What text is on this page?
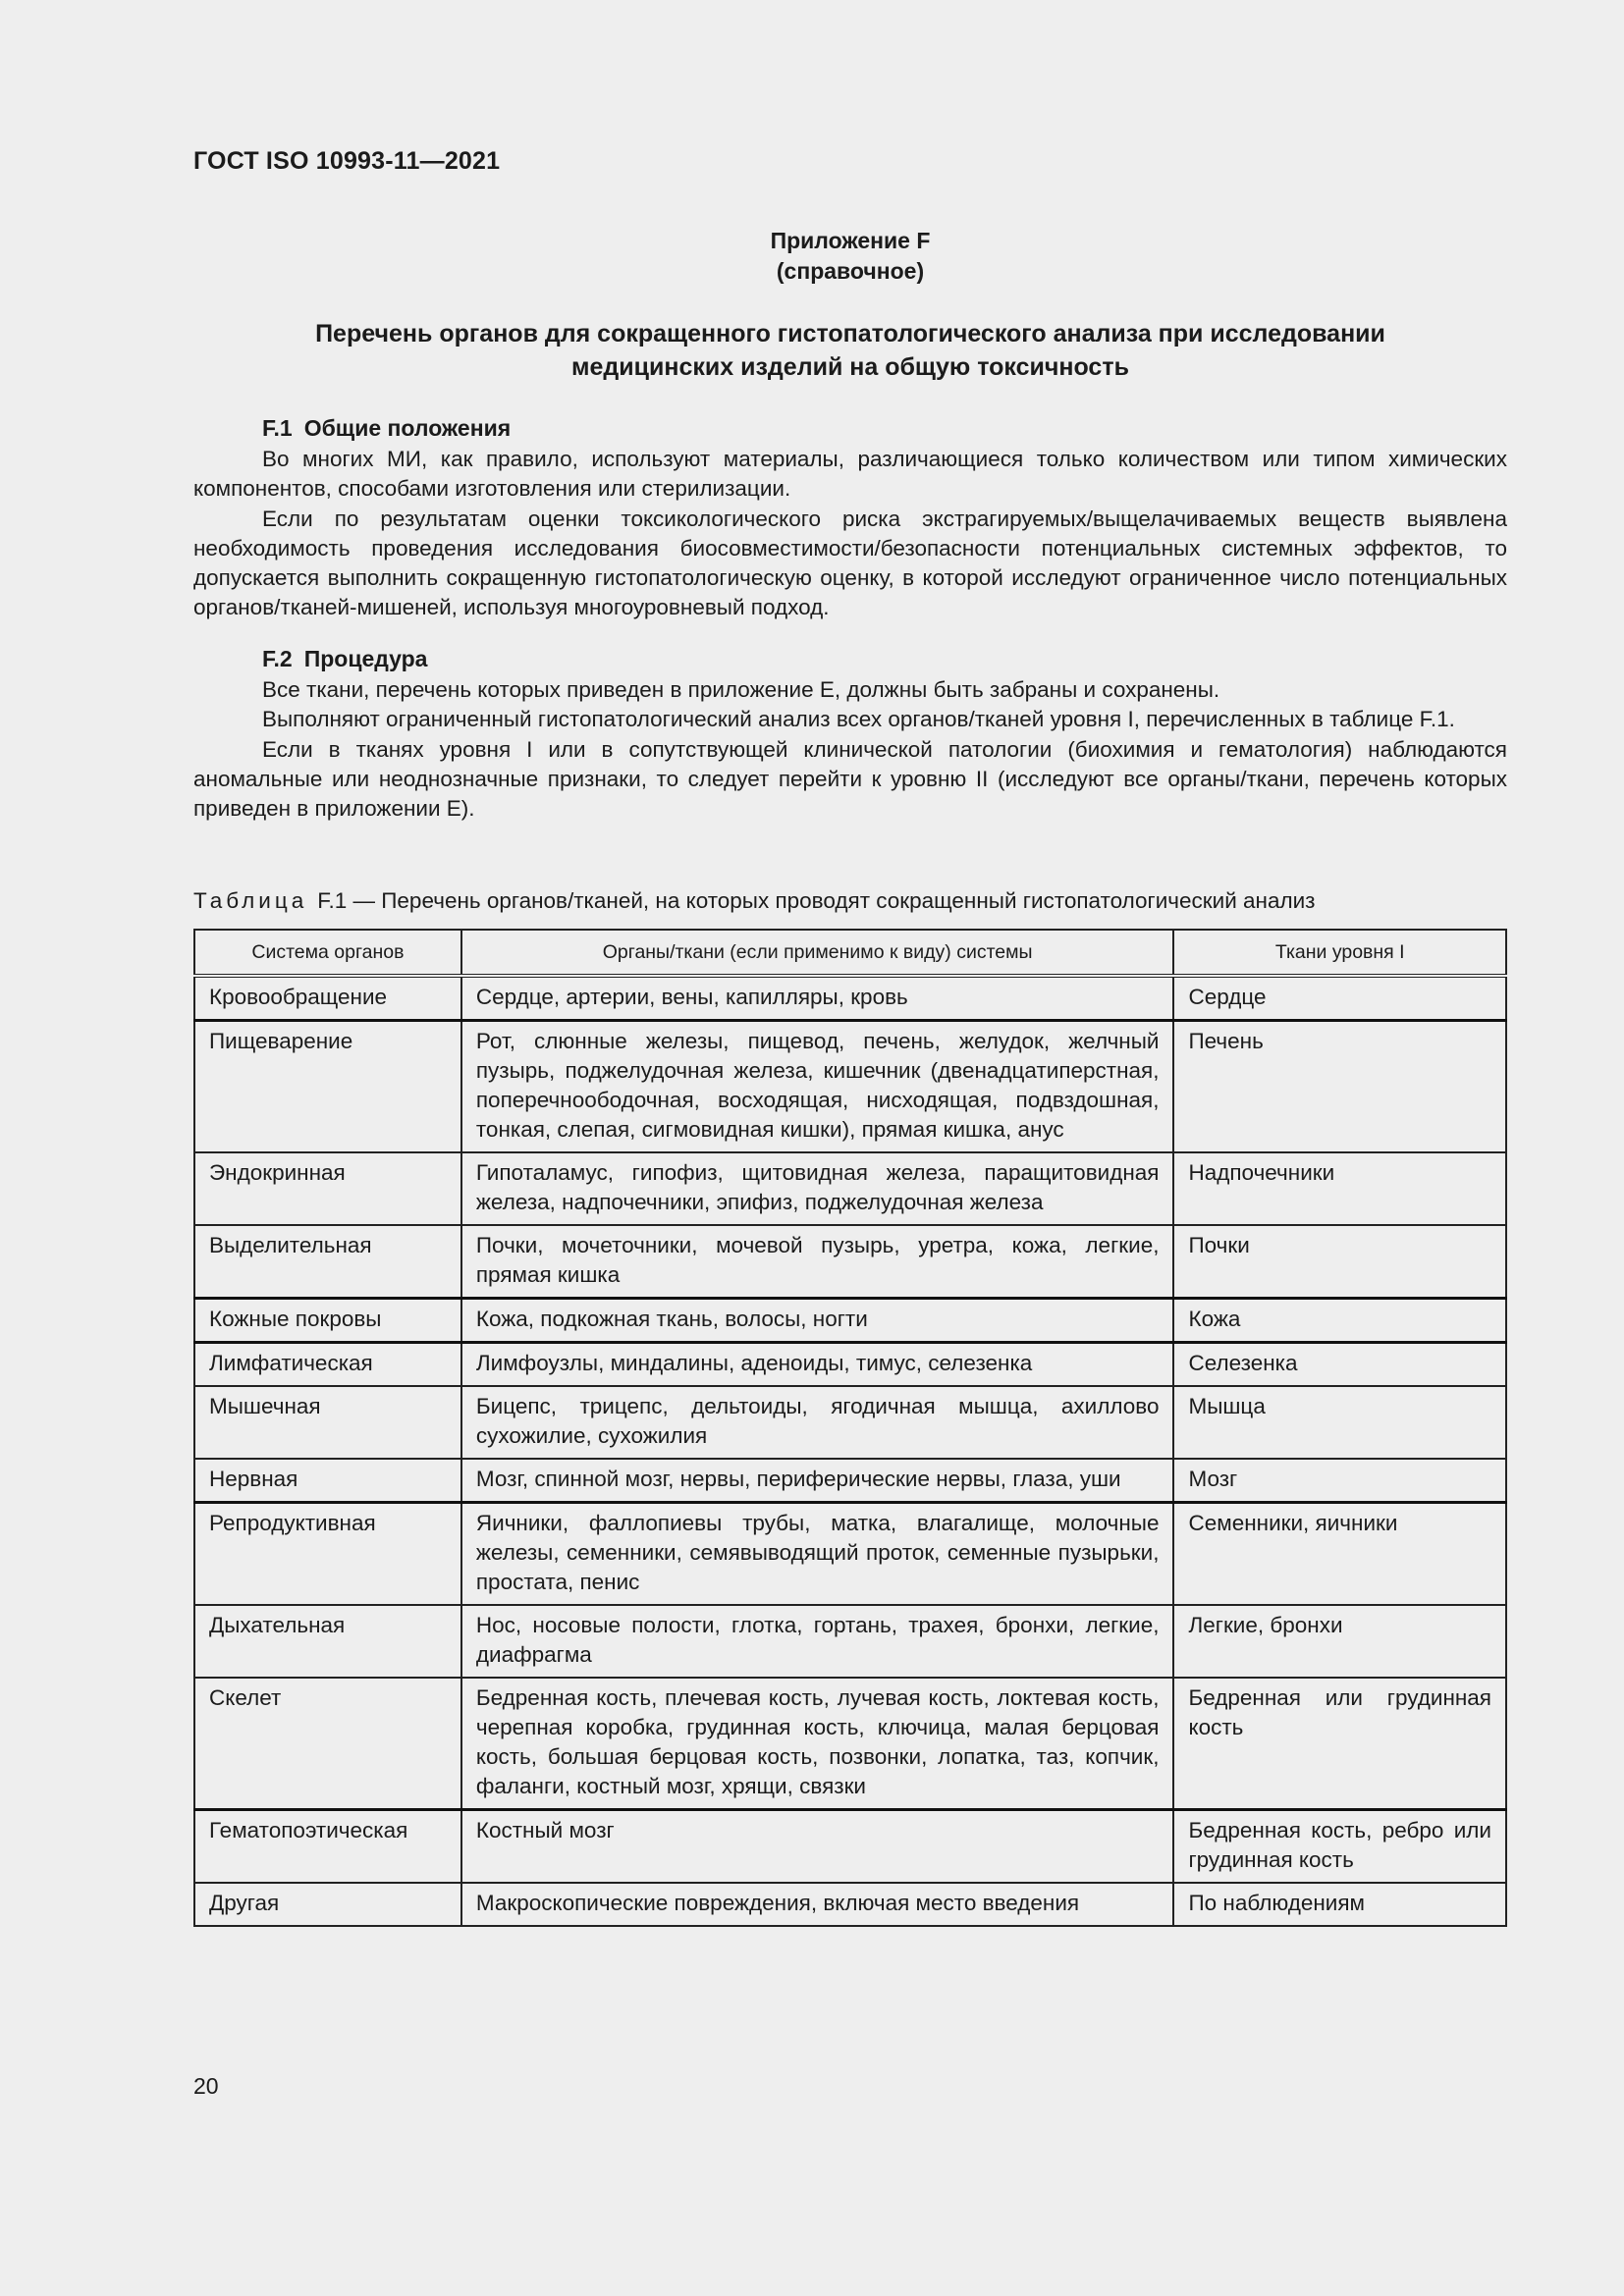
ГОСТ ISO 10993-11—2021
Приложение F
(справочное)
Перечень органов для сокращенного гистопатологического анализа при исследовании
медицинских изделий на общую токсичность
F.1 Общие положения

Во многих МИ, как правило, используют материалы, различающиеся только количеством или типом химических компонентов, способами изготовления или стерилизации.

Если по результатам оценки токсикологического риска экстрагируемых/выщелачиваемых веществ выявлена необходимость проведения исследования биосовместимости/безопасности потенциальных системных эффектов, то допускается выполнить сокращенную гистопатологическую оценку, в которой исследуют ограниченное число потенциальных органов/тканей-мишеней, используя многоуровневый подход.

F.2 Процедура

Все ткани, перечень которых приведен в приложение Е, должны быть забраны и сохранены.

Выполняют ограниченный гистопатологический анализ всех органов/тканей уровня I, перечисленных в таблице F.1.

Если в тканях уровня I или в сопутствующей клинической патологии (биохимия и гематология) наблюдаются аномальные или неоднозначные признаки, то следует перейти к уровню II (исследуют все органы/ткани, перечень которых приведен в приложении Е).

Таблица F.1 — Перечень органов/тканей, на которых проводят сокращенный гистопатологический анализ
Система органов	Органы/ткани (если применимо к виду) системы	Ткани уровня I
Кровообращение	Сердце, артерии, вены, капилляры, кровь	Сердце
Пищеварение	Рот, слюнные железы, пищевод, печень, желудок, желчный пузырь, поджелудочная железа, кишечник (двенадцатиперстная, поперечноободочная, восходящая, нисходящая, подвздошная, тонкая, слепая, сигмовидная кишки), прямая кишка, анус	Печень
Эндокринная	Гипоталамус, гипофиз, щитовидная железа, паращитовидная железа, надпочечники, эпифиз, поджелудочная железа	Надпочечники
Выделительная	Почки, мочеточники, мочевой пузырь, уретра, кожа, легкие, прямая кишка	Почки
Кожные покровы	Кожа, подкожная ткань, волосы, ногти	Кожа
Лимфатическая	Лимфоузлы, миндалины, аденоиды, тимус, селезенка	Селезенка
Мышечная	Бицепс, трицепс, дельтоиды, ягодичная мышца, ахиллово сухожилие, сухожилия	Мышца
Нервная	Мозг, спинной мозг, нервы, периферические нервы, глаза, уши	Мозг
Репродуктивная	Яичники, фаллопиевы трубы, матка, влагалище, молочные железы, семенники, семявыводящий проток, семенные пузырьки, простата, пенис	Семенники, яичники
Дыхательная	Нос, носовые полости, глотка, гортань, трахея, бронхи, легкие, диафрагма	Легкие, бронхи
Скелет	Бедренная кость, плечевая кость, лучевая кость, локтевая кость, черепная коробка, грудинная кость, ключица, малая берцовая кость, большая берцовая кость, позвонки, лопатка, таз, копчик, фаланги, костный мозг, хрящи, связки	Бедренная или грудинная кость
Гематопоэтическая	Костный мозг	Бедренная кость, ребро или грудинная кость
Другая	Макроскопические повреждения, включая место введения	По наблюдениям
20
